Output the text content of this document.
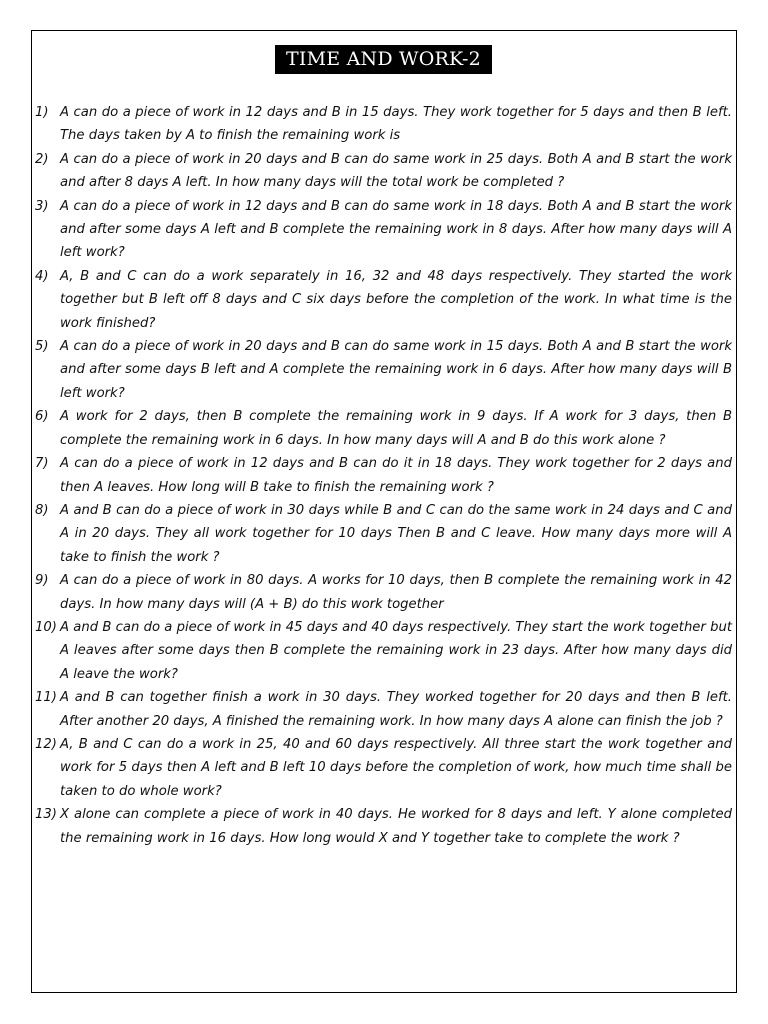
TIME AND WORK-2
1) A can do a piece of work in 12 days and B in 15 days. They work together for 5 days and then B left. The days taken by A to finish the remaining work is
2) A can do a piece of work in 20 days and B can do same work in 25 days. Both A and B start the work and after 8 days A left. In how many days will the total work be completed ?
3) A can do a piece of work in 12 days and B can do same work in 18 days. Both A and B start the work and after some days A left and B complete the remaining work in 8 days. After how many days will A left work?
4) A, B and C can do a work separately in 16, 32 and 48 days respectively. They started the work together but B left off 8 days and C six days before the completion of the work. In what time is the work finished?
5) A can do a piece of work in 20 days and B can do same work in 15 days. Both A and B start the work and after some days B left and A complete the remaining work in 6 days. After how many days will B left work?
6) A work for 2 days, then B complete the remaining work in 9 days. If A work for 3 days, then B complete the remaining work in 6 days. In how many days will A and B do this work alone ?
7) A can do a piece of work in 12 days and B can do it in 18 days. They work together for 2 days and then A leaves. How long will B take to finish the remaining work ?
8) A and B can do a piece of work in 30 days while B and C can do the same work in 24 days and C and A in 20 days. They all work together for 10 days Then B and C leave. How many days more will A take to finish the work ?
9) A can do a piece of work in 80 days. A works for 10 days, then B complete the remaining work in 42 days. In how many days will (A + B) do this work together
10) A and B can do a piece of work in 45 days and 40 days respectively. They start the work together but A leaves after some days then B complete the remaining work in 23 days. After how many days did A leave the work?
11) A and B can together finish a work in 30 days. They worked together for 20 days and then B left. After another 20 days, A finished the remaining work. In how many days A alone can finish the job ?
12) A, B and C can do a work in 25, 40 and 60 days respectively. All three start the work together and work for 5 days then A left and B left 10 days before the completion of work, how much time shall be taken to do whole work?
13) X alone can complete a piece of work in 40 days. He worked for 8 days and left. Y alone completed the remaining work in 16 days. How long would X and Y together take to complete the work ?
